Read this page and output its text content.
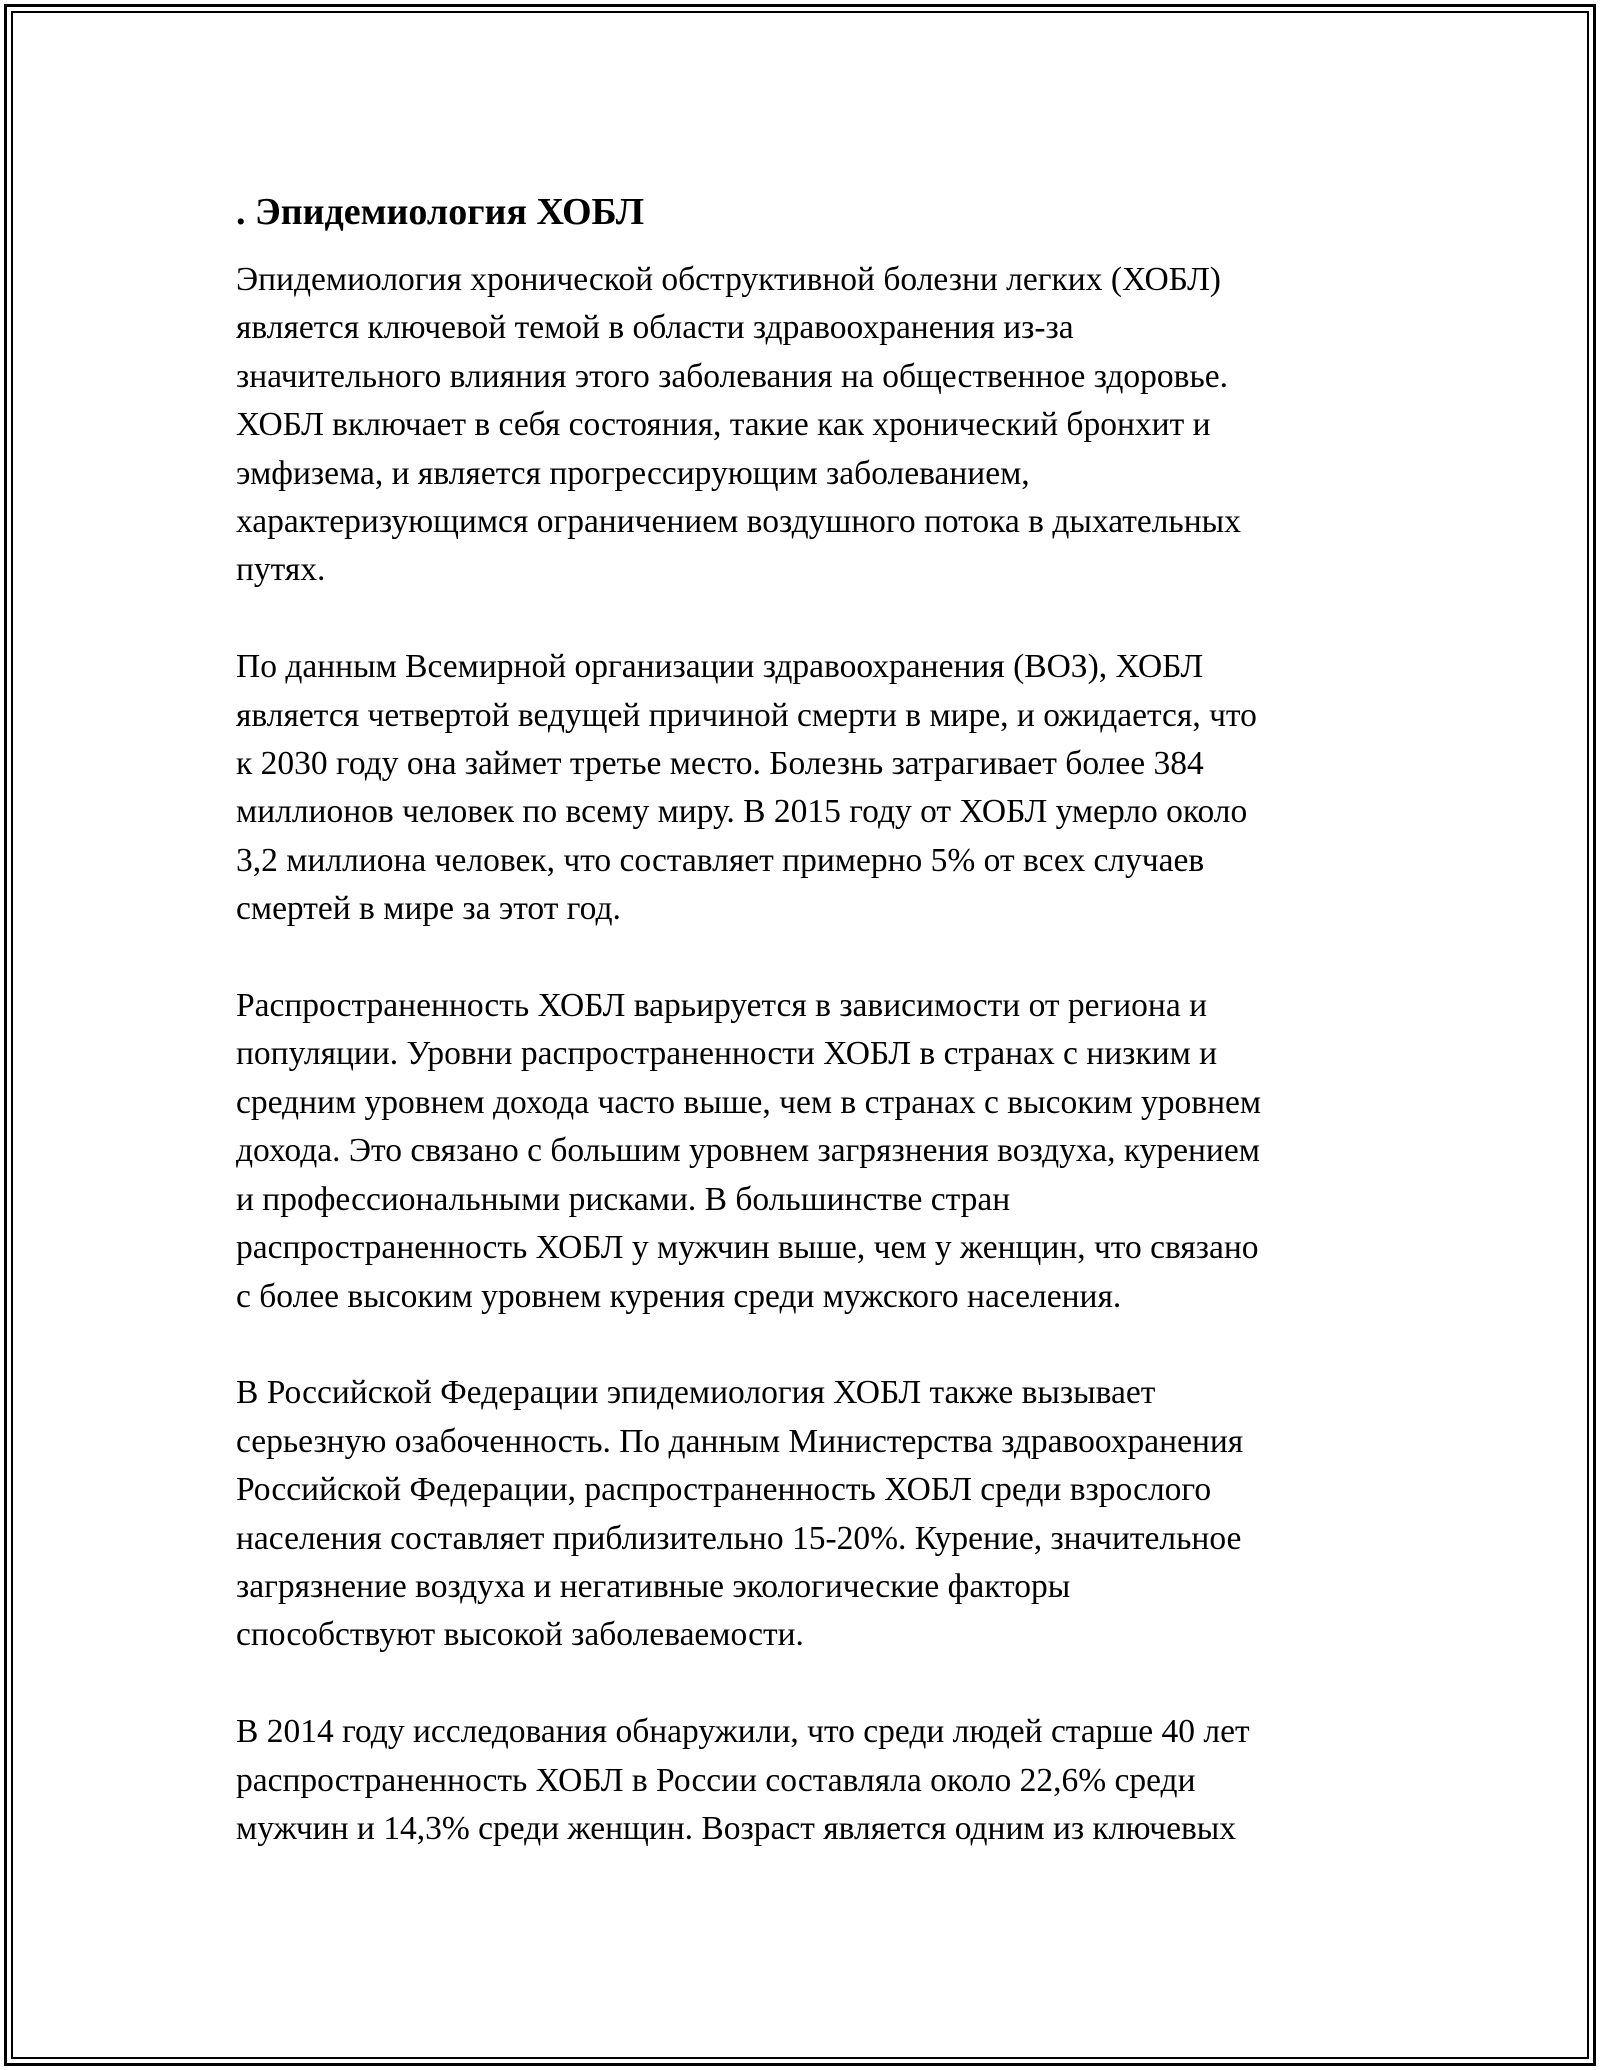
. Эпидемиология ХОБЛ

Эпидемиология хронической обструктивной болезни легких (ХОБЛ)
является ключевой темой в области здравоохранения из-за
значительного влияния этого заболевания на общественное здоровье.
ХОБЛ включает в себя состояния, такие как хронический бронхит и
эмфизема, и является прогрессирующим заболеванием,
характеризующимся ограничением воздушного потока в дыхательных
путях.

По данным Всемирной организации здравоохранения (ВОЗ), ХОБЛ
является четвертой ведущей причиной смерти в мире, и ожидается, что
к 2030 году она займет третье место. Болезнь затрагивает более 384
миллионов человек по всему миру. В 2015 году от ХОБЛ умерло около
3,2 миллиона человек, что составляет примерно 5% от всех случаев
смертей в мире за этот год.

Распространенность ХОБЛ варьируется в зависимости от региона и
популяции. Уровни распространенности ХОБЛ в странах с низким и
средним уровнем дохода часто выше, чем в странах с высоким уровнем
дохода. Это связано с большим уровнем загрязнения воздуха, курением
и профессиональными рисками. В большинстве стран
распространенность ХОБЛ у мужчин выше, чем у женщин, что связано
с более высоким уровнем курения среди мужского населения.

В Российской Федерации эпидемиология ХОБЛ также вызывает
серьезную озабоченность. По данным Министерства здравоохранения
Российской Федерации, распространенность ХОБЛ среди взрослого
населения составляет приблизительно 15-20%. Курение, значительное
загрязнение воздуха и негативные экологические факторы
способствуют высокой заболеваемости.

В 2014 году исследования обнаружили, что среди людей старше 40 лет
распространенность ХОБЛ в России составляла около 22,6% среди
мужчин и 14,3% среди женщин. Возраст является одним из ключевых
